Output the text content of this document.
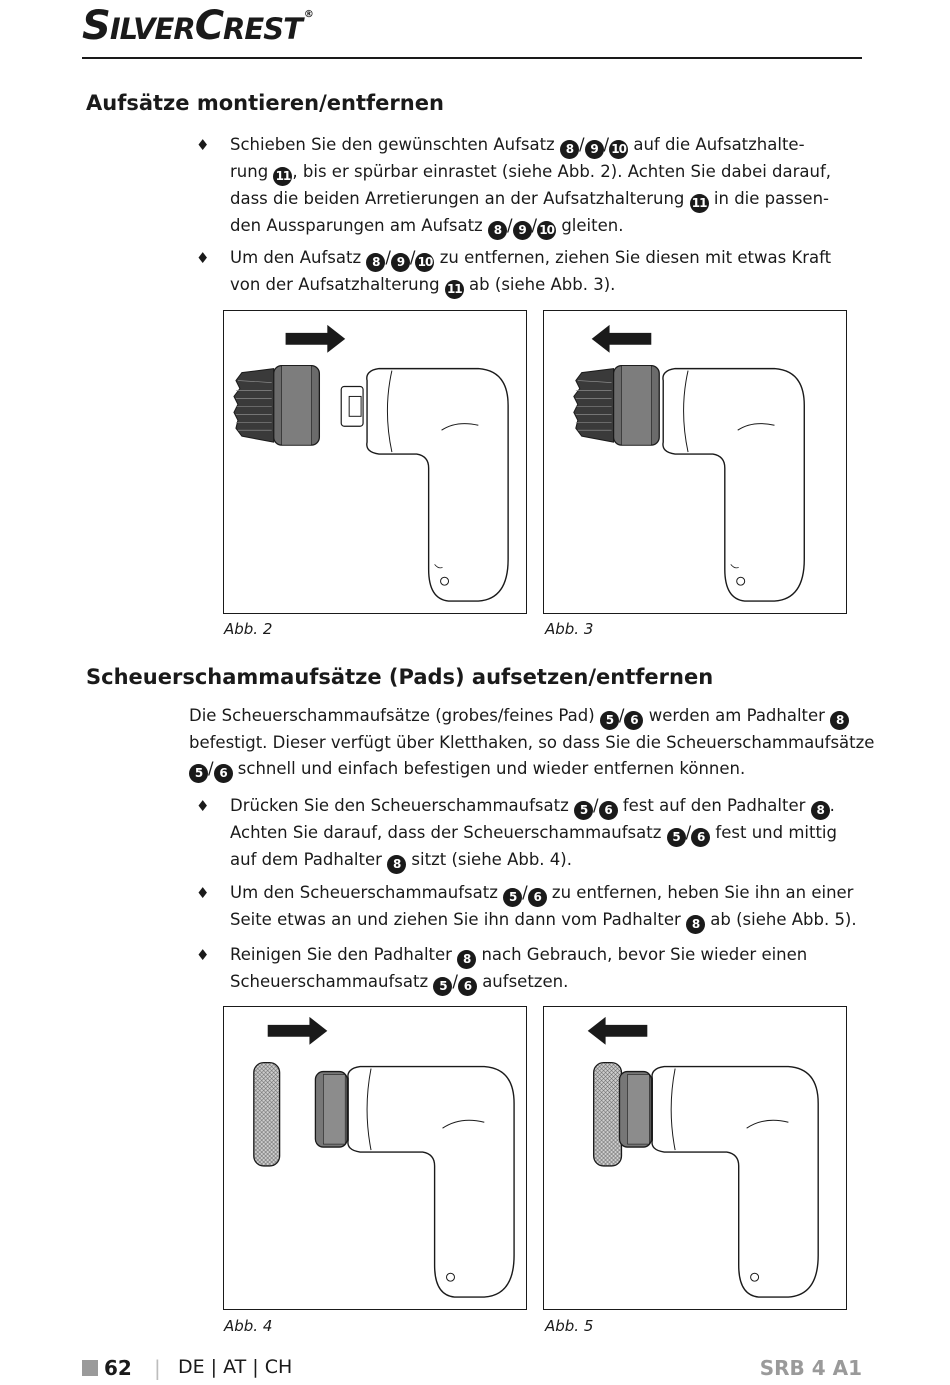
SILVERCREST ®
Aufsätze montieren/entfernen
♦ Schieben Sie den gewünschten Aufsatz 8 / 9 / 10 auf die Aufsatzhalte-
rung 11 , bis er spürbar einrastet (siehe Abb. 2). Achten Sie dabei darauf,
dass die beiden Arretierungen an der Aufsatzhalterung 11 in die passen-
den Aussparungen am Aufsatz 8 / 9 / 10 gleiten.
♦ Um den Aufsatz 8 / 9 / 10 zu entfernen, ziehen Sie diesen mit etwas Kraft
von der Aufsatzhalterung 11 ab (siehe Abb. 3).
Abb. 2	Abb. 3
Scheuerschammaufsätze (Pads) aufsetzen/entfernen
Die Scheuerschammaufsätze (grobes/feines Pad) 5 / 6 werden am Padhalter 8
befestigt. Dieser verfügt über Kletthaken, so dass Sie die Scheuerschammaufsätze
5 / 6 schnell und einfach befestigen und wieder entfernen können.
♦ Drücken Sie den Scheuerschammaufsatz 5 / 6 fest auf den Padhalter 8 .
Achten Sie darauf, dass der Scheuerschammaufsatz 5 / 6 fest und mittig
auf dem Padhalter 8 sitzt (siehe Abb. 4).
♦ Um den Scheuerschammaufsatz 5 / 6 zu entfernen, heben Sie ihn an einer
Seite etwas an und ziehen Sie ihn dann vom Padhalter 8 ab (siehe Abb. 5).
♦ Reinigen Sie den Padhalter 8 nach Gebrauch, bevor Sie wieder einen
Scheuerschammaufsatz 5 / 6 aufsetzen.
Abb. 4	Abb. 5
62 | DE | AT | CH	SRB 4 A1
